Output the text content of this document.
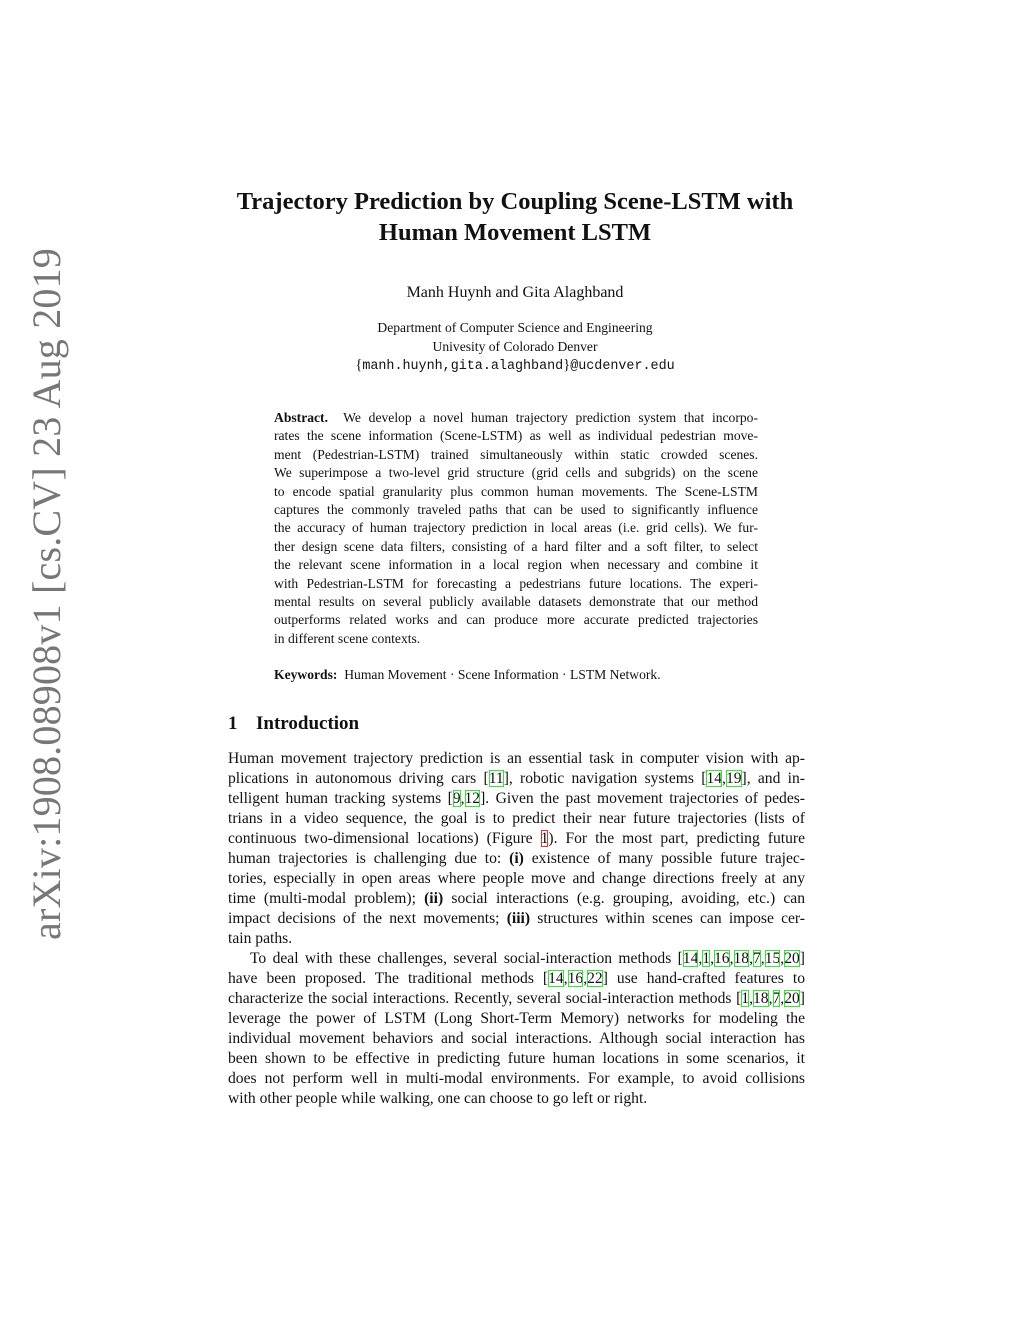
arXiv:1908.08908v1 [cs.CV] 23 Aug 2019
Trajectory Prediction by Coupling Scene-LSTM with
Human Movement LSTM
Manh Huynh and Gita Alaghband
Department of Computer Science and Engineering
Univesity of Colorado Denver
{manh.huynh,gita.alaghband}@ucdenver.edu
Abstract. We develop a novel human trajectory prediction system that incorpo-
rates the scene information (Scene-LSTM) as well as individual pedestrian move-
ment (Pedestrian-LSTM) trained simultaneously within static crowded scenes.
We superimpose a two-level grid structure (grid cells and subgrids) on the scene
to encode spatial granularity plus common human movements. The Scene-LSTM
captures the commonly traveled paths that can be used to significantly influence
the accuracy of human trajectory prediction in local areas (i.e. grid cells). We fur-
ther design scene data filters, consisting of a hard filter and a soft filter, to select
the relevant scene information in a local region when necessary and combine it
with Pedestrian-LSTM for forecasting a pedestrians future locations. The experi-
mental results on several publicly available datasets demonstrate that our method
outperforms related works and can produce more accurate predicted trajectories
in different scene contexts.
Keywords: Human Movement · Scene Information · LSTM Network.
1 Introduction
Human movement trajectory prediction is an essential task in computer vision with ap-
plications in autonomous driving cars [11], robotic navigation systems [14,19], and in-
telligent human tracking systems [9,12]. Given the past movement trajectories of pedes-
trians in a video sequence, the goal is to predict their near future trajectories (lists of
continuous two-dimensional locations) (Figure 1). For the most part, predicting future
human trajectories is challenging due to: (i) existence of many possible future trajec-
tories, especially in open areas where people move and change directions freely at any
time (multi-modal problem); (ii) social interactions (e.g. grouping, avoiding, etc.) can
impact decisions of the next movements; (iii) structures within scenes can impose cer-
tain paths.
To deal with these challenges, several social-interaction methods [14,1,16,18,7,15,20]
have been proposed. The traditional methods [14,16,22] use hand-crafted features to
characterize the social interactions. Recently, several social-interaction methods [1,18,7,20]
leverage the power of LSTM (Long Short-Term Memory) networks for modeling the
individual movement behaviors and social interactions. Although social interaction has
been shown to be effective in predicting future human locations in some scenarios, it
does not perform well in multi-modal environments. For example, to avoid collisions
with other people while walking, one can choose to go left or right.
